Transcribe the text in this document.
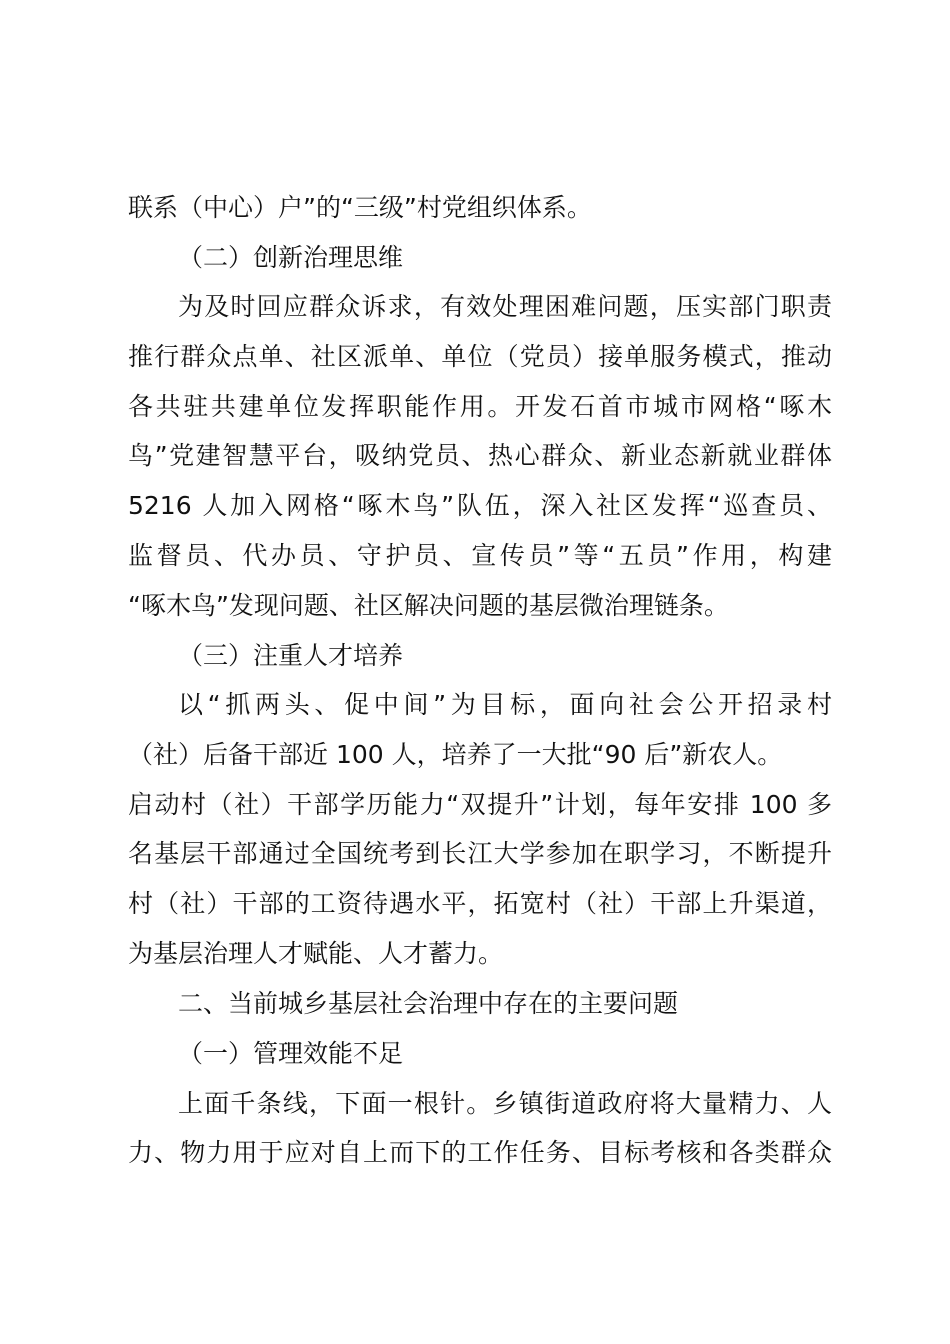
联系（中心）户”的“三级”村党组织体系。
（二）创新治理思维
为及时回应群众诉求，有效处理困难问题，压实部门职责
推行群众点单、社区派单、单位（党员）接单服务模式，推动
各共驻共建单位发挥职能作用。开发石首市城市网格“啄木
鸟”党建智慧平台，吸纳党员、热心群众、新业态新就业群体
5216 人加入网格“啄木鸟”队伍，深入社区发挥“巡查员、
监督员、代办员、守护员、宣传员”等“五员”作用，构建
“啄木鸟”发现问题、社区解决问题的基层微治理链条。
（三）注重人才培养
以“抓两头、促中间”为目标，面向社会公开招录村
（社）后备干部近 100 人，培养了一大批“90 后”新农人。
启动村（社）干部学历能力“双提升”计划，每年安排 100 多
名基层干部通过全国统考到长江大学参加在职学习，不断提升
村（社）干部的工资待遇水平，拓宽村（社）干部上升渠道，
为基层治理人才赋能、人才蓄力。
二、当前城乡基层社会治理中存在的主要问题
（一）管理效能不足
上面千条线，下面一根针。乡镇街道政府将大量精力、人
力、物力用于应对自上而下的工作任务、目标考核和各类群众
